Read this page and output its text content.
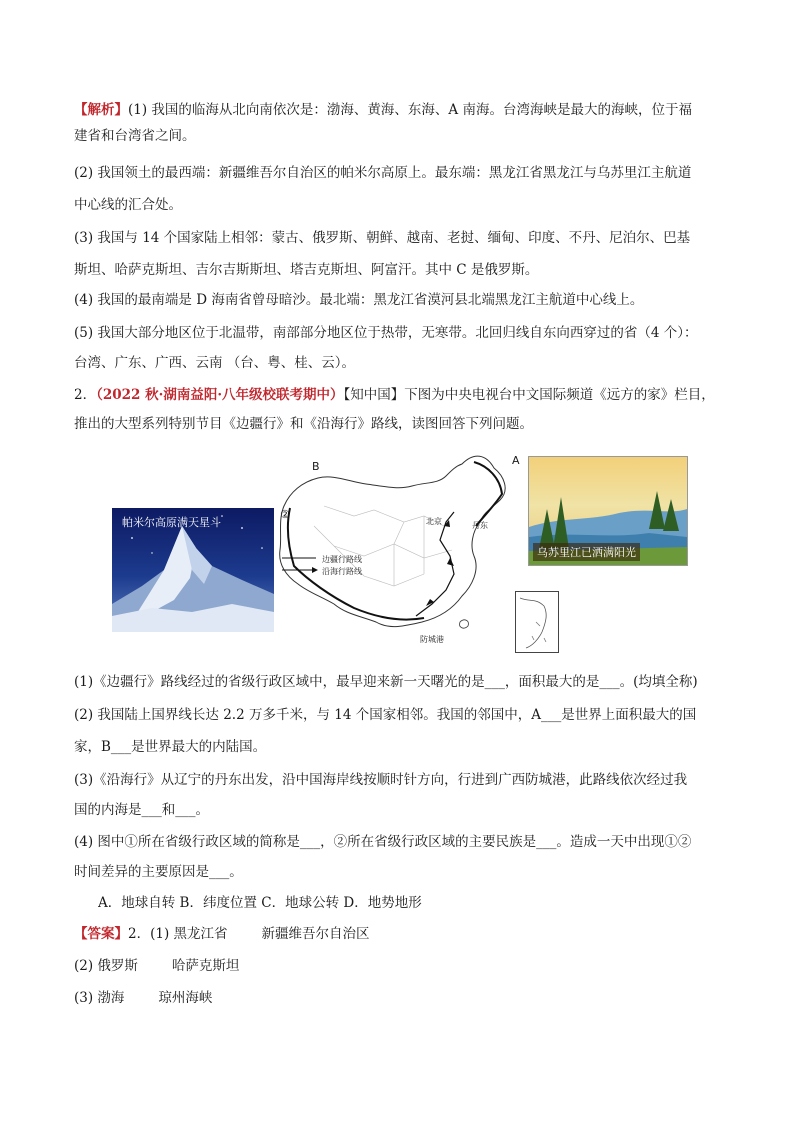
【解析】(1) 我国的临海从北向南依次是：渤海、黄海、东海、A 南海。台湾海峡是最大的海峡，位于福
建省和台湾省之间。
(2) 我国领土的最西端：新疆维吾尔自治区的帕米尔高原上。最东端：黑龙江省黑龙江与乌苏里江主航道
中心线的汇合处。
(3) 我国与 14 个国家陆上相邻：蒙古、俄罗斯、朝鲜、越南、老挝、缅甸、印度、不丹、尼泊尔、巴基
斯坦、哈萨克斯坦、吉尔吉斯斯坦、塔吉克斯坦、阿富汗。其中 C 是俄罗斯。
(4) 我国的最南端是 D 海南省曾母暗沙。最北端：黑龙江省漠河县北端黑龙江主航道中心线上。
(5) 我国大部分地区位于北温带，南部部分地区位于热带，无寒带。北回归线自东向西穿过的省（4 个）：
台湾、广东、广西、云南 （台、粤、桂、云）。
2．（2022 秋·湖南益阳·八年级校联考期中）【知中国】下图为中央电视台中文国际频道《远方的家》栏目，
推出的大型系列特别节目《边疆行》和《沿海行》路线，读图回答下列问题。
帕米尔高原满天星斗
A
B
②
北京	丹东
防城港
边疆行路线
沿海行路线
乌苏里江已洒满阳光
(1)《边疆行》路线经过的省级行政区域中，最早迎来新一天曙光的是___，面积最大的是___。(均填全称)
(2) 我国陆上国界线长达 2.2 万多千米，与 14 个国家相邻。我国的邻国中，A___是世界上面积最大的国
家，B___是世界最大的内陆国。
(3)《沿海行》从辽宁的丹东出发，沿中国海岸线按顺时针方向，行进到广西防城港，此路线依次经过我
国的内海是___和___。
(4) 图中①所在省级行政区域的简称是___，②所在省级行政区域的主要民族是___。造成一天中出现①②
时间差异的主要原因是___。
A．地球自转 B．纬度位置 C．地球公转 D．地势地形
【答案】2．(1) 黑龙江省	新疆维吾尔自治区
(2) 俄罗斯	哈萨克斯坦
(3) 渤海	琼州海峡
